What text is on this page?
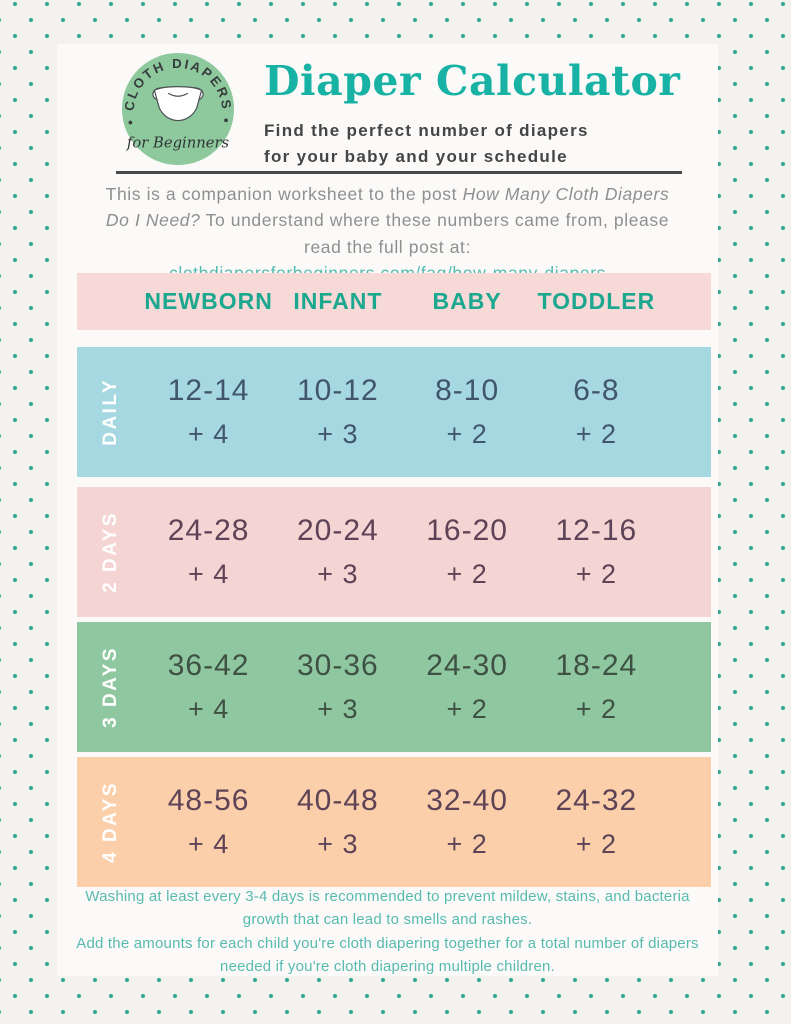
• CLOTH DIAPERS •
for Beginners
Diaper Calculator

Find the perfect number of diapers
for your baby and your schedule

This is a companion worksheet to the post How Many Cloth Diapers Do I Need? To understand where these numbers came from, please read the full post at:

NEWBORN INFANT	BABY	TODDLER
DAILY 12-14
+ 4
10-12
+ 3
8-10
+ 2
6-8
+ 2
2 DAYS 24-28
+ 4
20-24
+ 3
16-20
+ 2
12-16
+ 2
3 DAYS 36-42
+ 4
30-36
+ 3
24-30
+ 2
18-24
+ 2
4 DAYS 48-56
+ 4
40-48
+ 3
32-40
+ 2
24-32
+ 2

Washing at least every 3-4 days is recommended to prevent mildew, stains, and bacteria growth that can lead to smells and rashes.

Add the amounts for each child you're cloth diapering together for a total number of diapers needed if you're cloth diapering multiple children.
